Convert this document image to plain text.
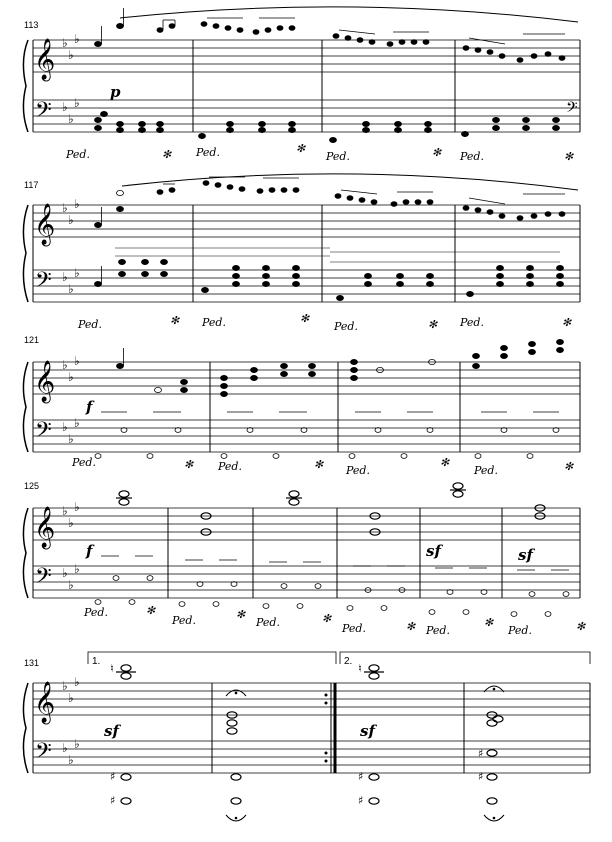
113
𝄞
𝄢
♭
♭
♭
♭
♭
♭	𝄢
p
Ped.	✻ Ped.	✻
Ped.	✻ Ped.	✻
117
𝄞
𝄢
♭
♭
♭
♭
♭
♭
Ped.	✻ Ped.	✻
Ped.	✻ Ped.	✻
121
𝄞
𝄢
♭
♭
♭
♭
♭
♭
f
Ped.	✻ Ped.	✻ Ped.
✻
Ped.	✻
125
𝄞
𝄢
♭
♭
♭
♭
♭
♭
f	sf	sf
Ped.	✻
Ped.	✻
Ped.	✻
Ped.	✻ Ped.
✻
Ped.	✻
131	1.	2.
𝄞
𝄢
♭
♭
♭
♭
♭
♭
♮
♯
♯
♮
♯
♯
♯
♯
sf	sf
